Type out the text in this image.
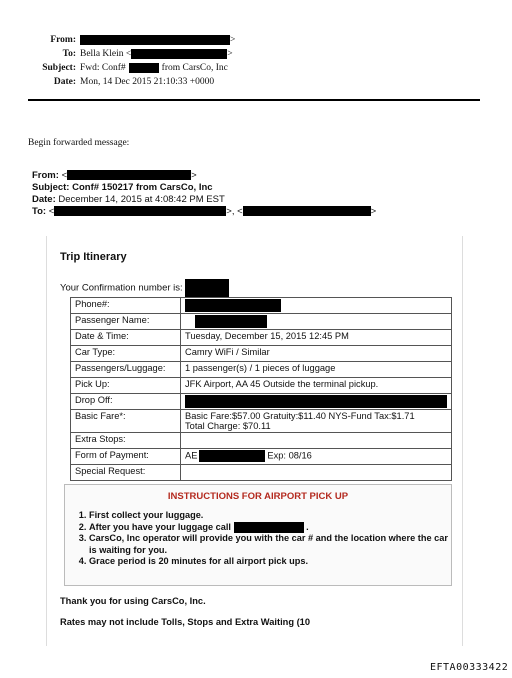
From:	>
To: Bella Klein <	>
Subject: Fwd: Conf#	from CarsCo, Inc
Date: Mon, 14 Dec 2015 21:10:33 +0000
Begin forwarded message:
From: <	>
Subject: Conf# 150217 from CarsCo, Inc
Date: December 14, 2015 at 4:08:42 PM EST
To: <	>, <	>
Trip Itinerary
Your Confirmation number is:
Phone#:	
Passenger Name:	
Date & Time:	Tuesday, December 15, 2015 12:45 PM
Car Type:	Camry WiFi / Similar
Passengers/Luggage:	1 passenger(s) / 1 pieces of luggage
Pick Up:	JFK Airport, AA 45 Outside the terminal pickup.
Drop Off:	
Basic Fare*:	Basic Fare:$57.00 Gratuity:$11.40 NYS-Fund Tax:$1.71
Total Charge: $70.11

Extra Stops:	
Form of Payment:	AE Exp: 08/16
Special Request:	
INSTRUCTIONS FOR AIRPORT PICK UP
1. First collect your luggage.
2. After you have your luggage call	.
3. CarsCo, Inc operator will provide you with the car # and the location where the car is waiting for you.
4. Grace period is 20 minutes for all airport pick ups.
Thank you for using CarsCo, Inc.
Rates may not include Tolls, Stops and Extra Waiting (10
EFTA00333422
